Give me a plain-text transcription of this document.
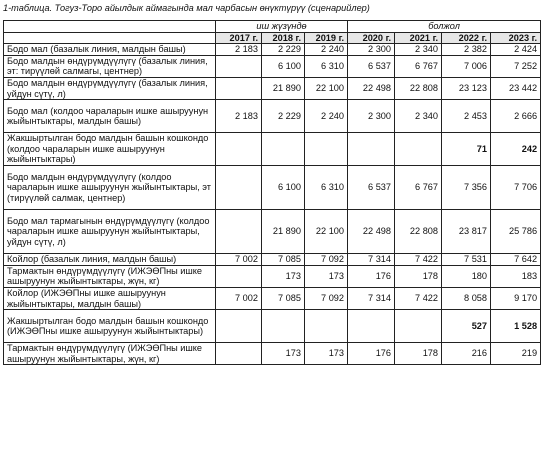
1-таблица. Тогуз-Торо айылдык аймагында мал чарбасын өнүктүрүү (сценарийлер)
	иш жүзүндө			болжол			
	2017 г.	2018 г.	2019 г.	2020 г.	2021 г.	2022 г.	2023 г.
Бодо мал (базалык линия, малдын башы)	2 183	2 229	2 240	2 300	2 340	2 382	2 424
Бодо малдын өндүрүмдүүлүгү (базалык линия, эт: тирүүлөй салмагы, центнер)		6 100	6 310	6 537	6 767	7 006	7 252
Бодо малдын өндүрүмдүүлүгү (базалык линия, уйдун сүтү, л)		21 890	22 100	22 498	22 808	23 123	23 442
Бодо мал (колдоо чараларын ишке ашыруунун жыйынтыктары, малдын башы)	2 183	2 229	2 240	2 300	2 340	2 453	2 666
Жакшыртылган бодо малдын башын кошкондо (колдоо чараларын ишке ашыруунун жыйынтыктары)						71	242
Бодо малдын өндүрүмдүүлүгү (колдоо чараларын ишке ашыруунун жыйынтыктары, эт (тирүүлөй салмак, центнер)		6 100	6 310	6 537	6 767	7 356	7 706
Бодо мал тармагынын өндүрүмдүүлүгү (колдоо чараларын ишке ашыруунун жыйынтыктары, уйдун сүтү, л)		21 890	22 100	22 498	22 808	23 817	25 786
Койлор (базалык линия, малдын башы)	7 002	7 085	7 092	7 314	7 422	7 531	7 642
Тармактын өндүрүмдүүлүгү (ИЖЭӨПны ишке ашыруунун жыйынтыктары, жүн, кг)		173	173	176	178	180	183
Койлор (ИЖЭӨПны ишке ашыруунун жыйынтыктары, малдын башы)	7 002	7 085	7 092	7 314	7 422	8 058	9 170
Жакшыртылган бодо малдын башын кошкондо (ИЖЭӨПны ишке ашыруунун жыйынтыктары)						527	1 528
Тармактын өндүрүмдүүлүгү (ИЖЭӨПны ишке ашыруунун жыйынтыктары, жүн, кг)		173	173	176	178	216	219
